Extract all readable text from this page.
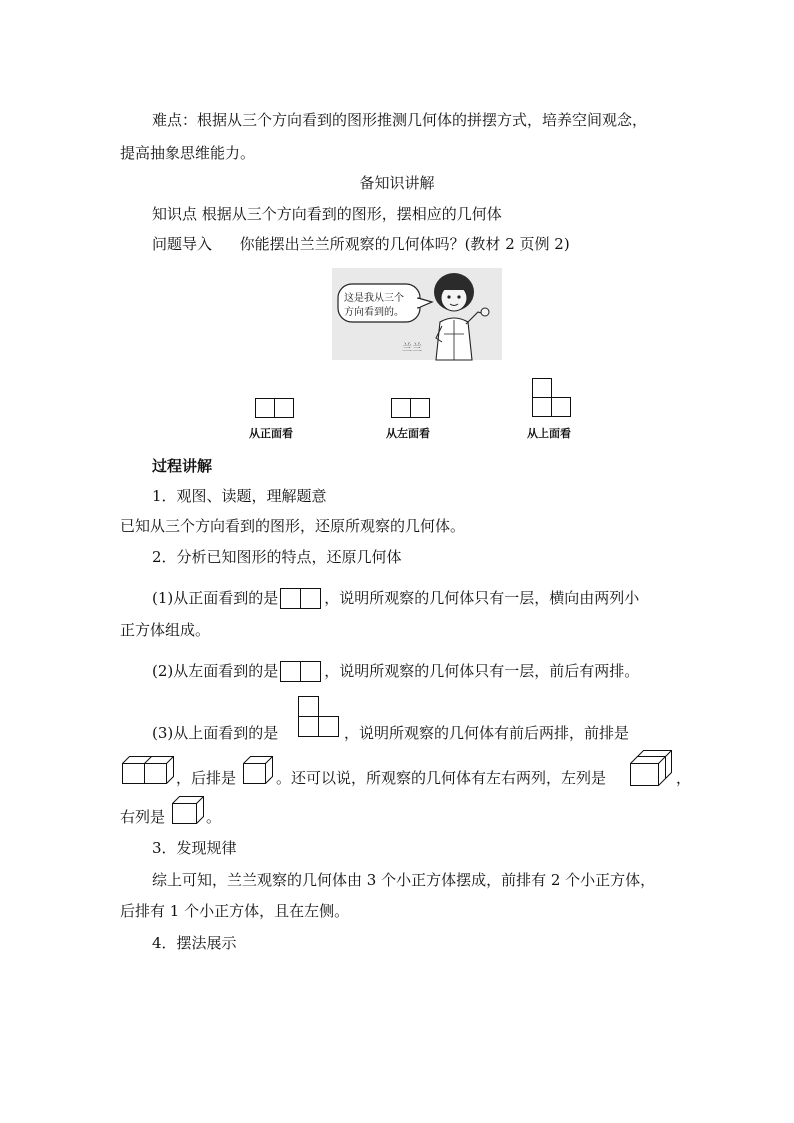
难点：根据从三个方向看到的图形推测几何体的拼摆方式，培养空间观念，
提高抽象思维能力。
备知识讲解
知识点 根据从三个方向看到的图形，摆相应的几何体
问题导入 你能摆出兰兰所观察的几何体吗？(教材 2 页例 2)
这是我从三个
方向看到的。
兰兰
从正面看	从左面看	从上面看
过程讲解
1．观图、读题，理解题意
已知从三个方向看到的图形，还原所观察的几何体。
2．分析已知图形的特点，还原几何体
(1)从正面看到的是	，说明所观察的几何体只有一层，横向由两列小
正方体组成。
(2)从左面看到的是	，说明所观察的几何体只有一层，前后有两排。
(3)从上面看到的是	，说明所观察的几何体有前后两排，前排是
，后排是	。还可以说，所观察的几何体有左右两列，左列是	，
右列是	。
3．发现规律
综上可知，兰兰观察的几何体由 3 个小正方体摆成，前排有 2 个小正方体，
后排有 1 个小正方体，且在左侧。
4．摆法展示
